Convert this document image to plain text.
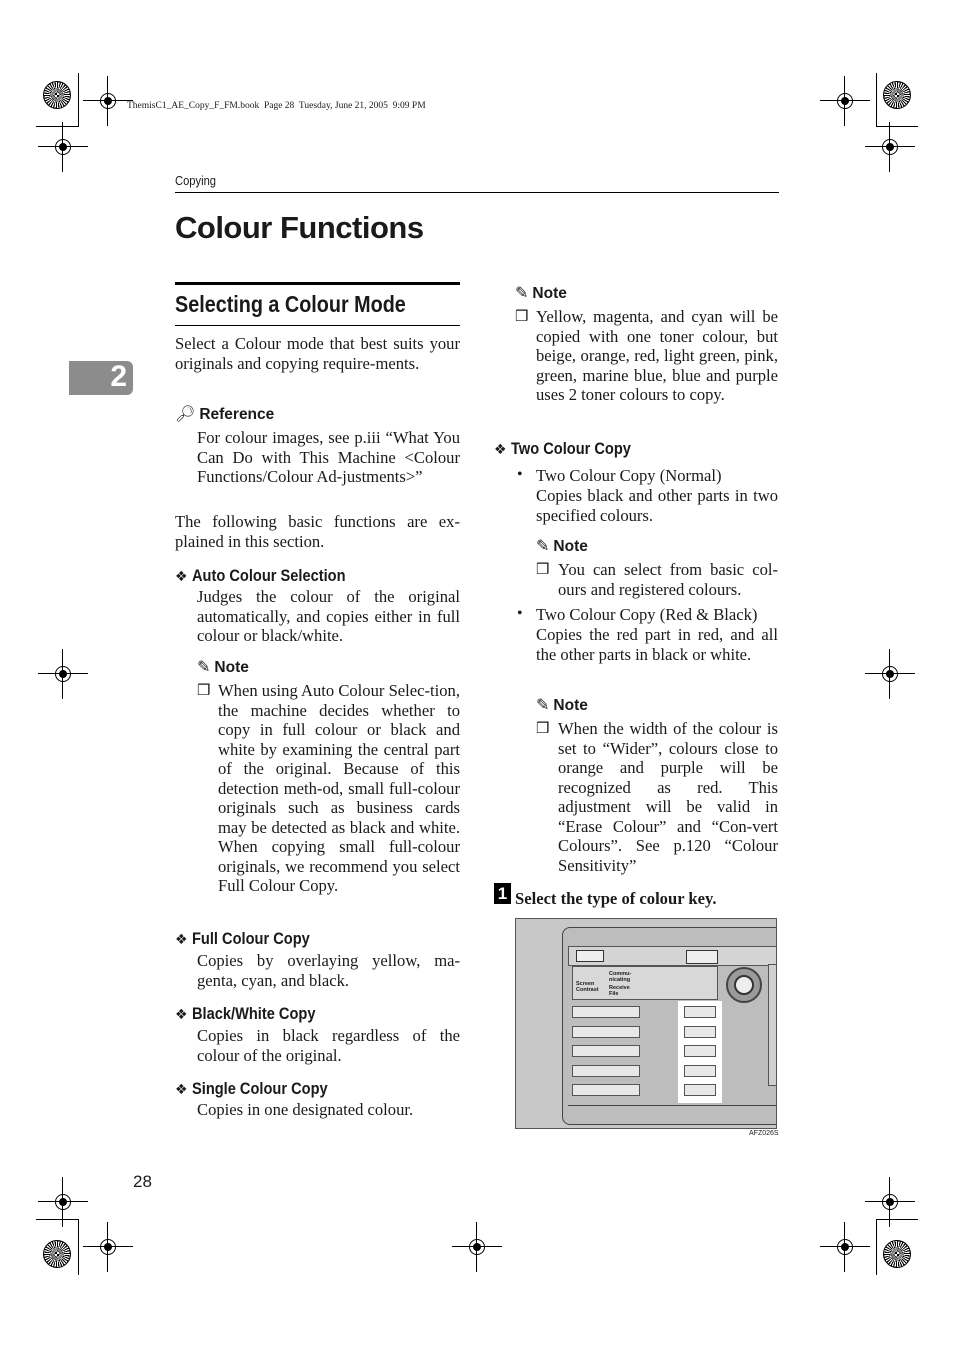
ThemisC1_AE_Copy_F_FM.book  Page 28  Tuesday, June 21, 2005  9:09 PM
Copying
2
Colour Functions
Selecting a Colour Mode
Select a Colour mode that best suits your originals and copying require-ments.
🔎︎ Reference
For colour images, see p.iii “What You Can Do with This Machine <Colour Functions/Colour Ad-justments>”
The following basic functions are ex-plained in this section.
❖ Auto Colour Selection
Judges the colour of the original automatically, and copies either in full colour or black/white.
✎ Note
❒ When using Auto Colour Selec-tion, the machine decides whether to copy in full colour or black and white by examining the central part of the original. Because of this detection meth-od, small full-colour originals such as business cards may be detected as black and white. When copying small full-colour originals, we recommend you select Full Colour Copy.
❖ Full Colour Copy
Copies by overlaying yellow, ma-genta, cyan, and black.
❖ Black/White Copy
Copies in black regardless of the colour of the original.
❖ Single Colour Copy
Copies in one designated colour.
✎ Note
❒ Yellow, magenta, and cyan will be copied with one toner colour, but beige, orange, red, light green, pink, green, marine blue, blue and purple uses 2 toner colours to copy.
❖ Two Colour Copy
• Two Colour Copy (Normal)
Copies black and other parts in two specified colours.
✎ Note
❒ You can select from basic col-ours and registered colours.
• Two Colour Copy (Red & Black)
Copies the red part in red, and all the other parts in black or white.
✎ Note
❒ When the width of the colour is set to “Wider”, colours close to orange and purple will be recognized as red. This adjustment will be valid in “Erase Colour” and “Con-vert Colours”. See p.120 “Colour Sensitivity”
1 Select the type of colour key.
Screen Contrast
Commu-nicating
Receive File
AFZ026S
28
